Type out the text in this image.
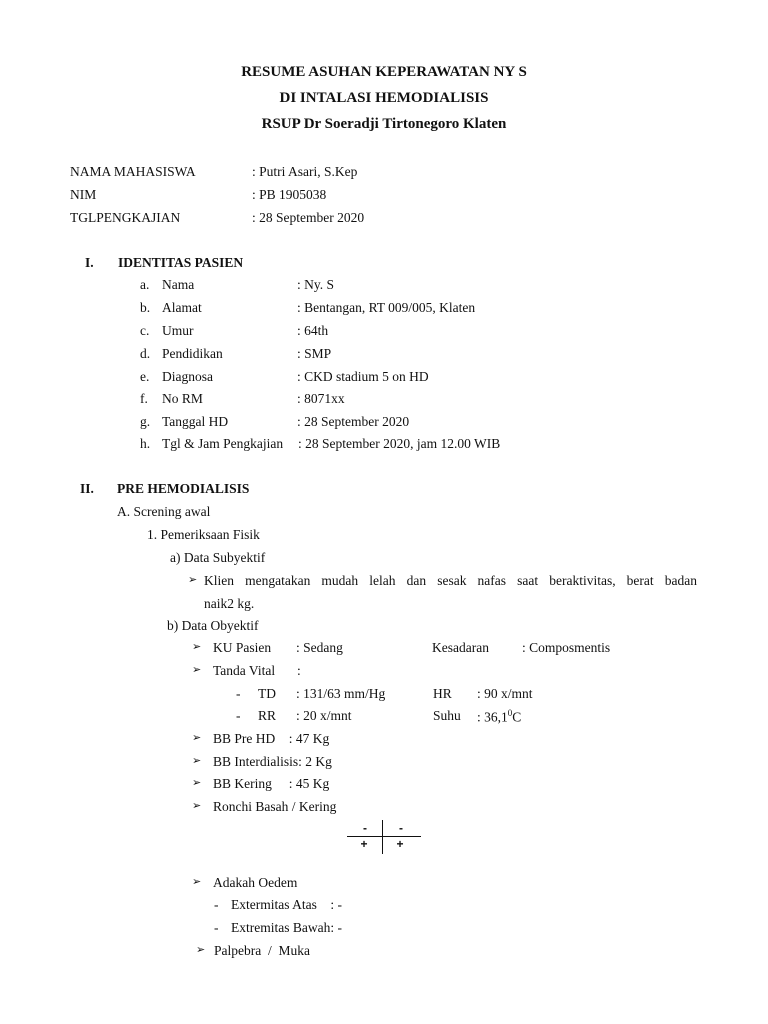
RESUME ASUHAN KEPERAWATAN NY S
DI INTALASI HEMODIALISIS
RSUP Dr Soeradji Tirtonegoro Klaten
NAMA MAHASISWA	: Putri Asari, S.Kep
NIM	: PB 1905038
TGLPENGKAJIAN	: 28 September 2020
I. IDENTITAS PASIEN
a. Nama	: Ny. S
b. Alamat	: Bentangan, RT 009/005, Klaten
c. Umur	: 64th
d. Pendidikan	: SMP
e. Diagnosa	: CKD stadium 5 on HD
f. No RM	: 8071xx
g. Tanggal HD	: 28 September 2020
h. Tgl & Jam Pengkajian : 28 September 2020, jam 12.00 WIB
II. PRE HEMODIALISIS
A. Screning awal
1. Pemeriksaan Fisik
a) Data Subyektif
➢ Klien mengatakan mudah lelah dan sesak nafas saat beraktivitas, berat badan
naik2 kg.
b) Data Obyektif
➢ KU Pasien : Sedang	Kesadaran : Composmentis
➢ Tanda Vital :
- TD : 131/63 mm/Hg	HR : 90 x/mnt
- RR : 20 x/mnt	Suhu : 36,1$^0$C
➢ BB Pre HD    : 47 Kg
➢ BB Interdialisis: 2 Kg
➢ BB Kering     : 45 Kg
➢ Ronchi Basah / Kering
-	-
+ +
➢ Adakah Oedem
- Extermitas Atas    : -
- Extremitas Bawah: -
➢ Palpebra  /  Muka
